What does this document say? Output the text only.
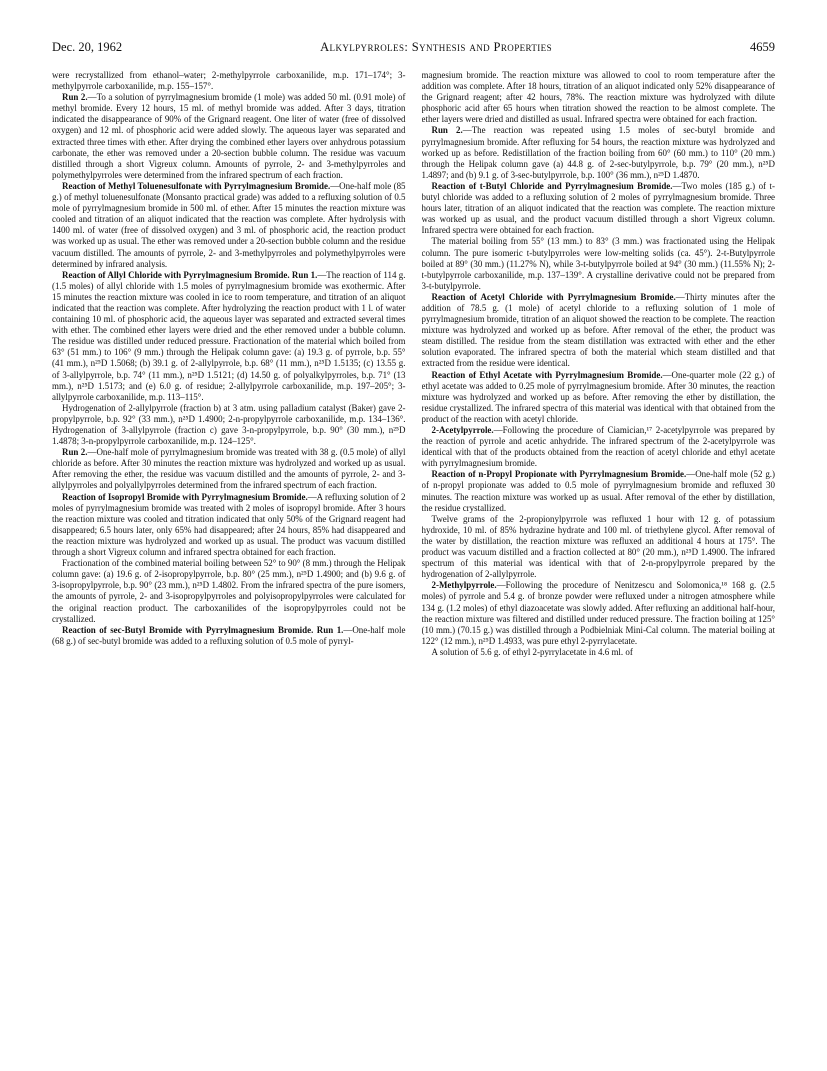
Dec. 20, 1962	Alkylpyrroles: Synthesis and Properties	4659

were recrystallized from ethanol–water; 2-methylpyrrole carboxanilide, m.p. 171–174°; 3-methylpyrrole carboxanilide, m.p. 155–157°.

Run 2.—To a solution of pyrrylmagnesium bromide (1 mole) was added 50 ml. (0.91 mole) of methyl bromide. Every 12 hours, 15 ml. of methyl bromide was added. After 3 days, titration indicated the disappearance of 90% of the Grignard reagent. One liter of water (free of dissolved oxygen) and 12 ml. of phosphoric acid were added slowly. The aqueous layer was separated and extracted three times with ether. After drying the combined ether layers over anhydrous potassium carbonate, the ether was removed under a 20-section bubble column. The residue was vacuum distilled through a short Vigreux column. Amounts of pyrrole, 2- and 3-methylpyrroles and polymethylpyrroles were determined from the infrared spectrum of each fraction.

Reaction of Methyl Toluenesulfonate with Pyrrylmagnesium Bromide.—One-half mole (85 g.) of methyl toluenesulfonate (Monsanto practical grade) was added to a refluxing solution of 0.5 mole of pyrrylmagnesium bromide in 500 ml. of ether. After 15 minutes the reaction mixture was cooled and titration of an aliquot indicated that the reaction was complete. After hydrolysis with 1400 ml. of water (free of dissolved oxygen) and 3 ml. of phosphoric acid, the reaction product was worked up as usual. The ether was removed under a 20-section bubble column and the residue vacuum distilled. The amounts of pyrrole, 2- and 3-methylpyrroles and polymethylpyrroles were determined by infrared analysis.

Reaction of Allyl Chloride with Pyrrylmagnesium Bromide. Run 1.—The reaction of 114 g. (1.5 moles) of allyl chloride with 1.5 moles of pyrrylmagnesium bromide was exothermic. After 15 minutes the reaction mixture was cooled in ice to room temperature, and titration of an aliquot indicated that the reaction was complete. After hydrolyzing the reaction product with 1 l. of water containing 10 ml. of phosphoric acid, the aqueous layer was separated and extracted several times with ether. The combined ether layers were dried and the ether removed under a bubble column. The residue was distilled under reduced pressure. Fractionation of the material which boiled from 63° (51 mm.) to 106° (9 mm.) through the Helipak column gave: (a) 19.3 g. of pyrrole, b.p. 55° (41 mm.), n²⁵D 1.5068; (b) 39.1 g. of 2-allylpyrrole, b.p. 68° (11 mm.), n²⁵D 1.5135; (c) 13.55 g. of 3-allylpyrrole, b.p. 74° (11 mm.), n²⁵D 1.5121; (d) 14.50 g. of polyalkylpyrroles, b.p. 71° (13 mm.), n²⁵D 1.5173; and (e) 6.0 g. of residue; 2-allylpyrrole carboxanilide, m.p. 197–205°; 3-allylpyrrole carboxanilide, m.p. 113–115°.

Hydrogenation of 2-allylpyrrole (fraction b) at 3 atm. using palladium catalyst (Baker) gave 2-propylpyrrole, b.p. 92° (33 mm.), n²⁵D 1.4900; 2-n-propylpyrrole carboxanilide, m.p. 134–136°. Hydrogenation of 3-allylpyrrole (fraction c) gave 3-n-propylpyrrole, b.p. 90° (30 mm.), n²⁵D 1.4878; 3-n-propylpyrrole carboxanilide, m.p. 124–125°.

Run 2.—One-half mole of pyrrylmagnesium bromide was treated with 38 g. (0.5 mole) of allyl chloride as before. After 30 minutes the reaction mixture was hydrolyzed and worked up as usual. After removing the ether, the residue was vacuum distilled and the amounts of pyrrole, 2- and 3-allylpyrroles and polyallylpyrroles determined from the infrared spectrum of each fraction.

Reaction of Isopropyl Bromide with Pyrrylmagnesium Bromide.—A refluxing solution of 2 moles of pyrrylmagnesium bromide was treated with 2 moles of isopropyl bromide. After 3 hours the reaction mixture was cooled and titration indicated that only 50% of the Grignard reagent had disappeared; 6.5 hours later, only 65% had disappeared; after 24 hours, 85% had disappeared and the reaction mixture was hydrolyzed and worked up as usual. The product was vacuum distilled through a short Vigreux column and infrared spectra obtained for each fraction.

Fractionation of the combined material boiling between 52° to 90° (8 mm.) through the Helipak column gave: (a) 19.6 g. of 2-isopropylpyrrole, b.p. 80° (25 mm.), n²⁵D 1.4900; and (b) 9.6 g. of 3-isopropylpyrrole, b.p. 90° (23 mm.), n²⁵D 1.4802. From the infrared spectra of the pure isomers, the amounts of pyrrole, 2- and 3-isopropylpyrroles and polyisopropylpyrroles were calculated for the original reaction product. The carboxanilides of the isopropylpyrroles could not be crystallized.

Reaction of sec-Butyl Bromide with Pyrrylmagnesium Bromide. Run 1.—One-half mole (68 g.) of sec-butyl bromide was added to a refluxing solution of 0.5 mole of pyrryl-

magnesium bromide. The reaction mixture was allowed to cool to room temperature after the addition was complete. After 18 hours, titration of an aliquot indicated only 52% disappearance of the Grignard reagent; after 42 hours, 78%. The reaction mixture was hydrolyzed with dilute phosphoric acid after 65 hours when titration showed the reaction to be almost complete. The ether layers were dried and distilled as usual. Infrared spectra were obtained for each fraction.

Run 2.—The reaction was repeated using 1.5 moles of sec-butyl bromide and pyrrylmagnesium bromide. After refluxing for 54 hours, the reaction mixture was hydrolyzed and worked up as before. Redistillation of the fraction boiling from 60° (60 mm.) to 110° (20 mm.) through the Helipak column gave (a) 44.8 g. of 2-sec-butylpyrrole, b.p. 79° (20 mm.), n²⁵D 1.4897; and (b) 9.1 g. of 3-sec-butylpyrrole, b.p. 100° (36 mm.), n²⁵D 1.4870.

Reaction of t-Butyl Chloride and Pyrrylmagnesium Bromide.—Two moles (185 g.) of t-butyl chloride was added to a refluxing solution of 2 moles of pyrrylmagnesium bromide. Three hours later, titration of an aliquot indicated that the reaction was complete. The reaction mixture was worked up as usual, and the product vacuum distilled through a short Vigreux column. Infrared spectra were obtained for each fraction.

The material boiling from 55° (13 mm.) to 83° (3 mm.) was fractionated using the Helipak column. The pure isomeric t-butylpyrroles were low-melting solids (ca. 45°). 2-t-Butylpyrrole boiled at 89° (30 mm.) (11.27% N), while 3-t-butylpyrrole boiled at 94° (30 mm.) (11.55% N); 2-t-butylpyrrole carboxanilide, m.p. 137–139°. A crystalline derivative could not be prepared from 3-t-butylpyrrole.

Reaction of Acetyl Chloride with Pyrrylmagnesium Bromide.—Thirty minutes after the addition of 78.5 g. (1 mole) of acetyl chloride to a refluxing solution of 1 mole of pyrrylmagnesium bromide, titration of an aliquot showed the reaction to be complete. The reaction mixture was hydrolyzed and worked up as before. After removal of the ether, the product was steam distilled. The residue from the steam distillation was extracted with ether and the ether solution evaporated. The infrared spectra of both the material which steam distilled and that extracted from the residue were identical.

Reaction of Ethyl Acetate with Pyrrylmagnesium Bromide.—One-quarter mole (22 g.) of ethyl acetate was added to 0.25 mole of pyrrylmagnesium bromide. After 30 minutes, the reaction mixture was hydrolyzed and worked up as before. After removing the ether by distillation, the residue crystallized. The infrared spectra of this material was identical with that obtained from the product of the reaction with acetyl chloride.

2-Acetylpyrrole.—Following the procedure of Ciamician,¹⁷ 2-acetylpyrrole was prepared by the reaction of pyrrole and acetic anhydride. The infrared spectrum of the 2-acetylpyrrole was identical with that of the products obtained from the reaction of acetyl chloride and ethyl acetate with pyrrylmagnesium bromide.

Reaction of n-Propyl Propionate with Pyrrylmagnesium Bromide.—One-half mole (52 g.) of n-propyl propionate was added to 0.5 mole of pyrrylmagnesium bromide and refluxed 30 minutes. The reaction mixture was worked up as usual. After removal of the ether by distillation, the residue crystallized.

Twelve grams of the 2-propionylpyrrole was refluxed 1 hour with 12 g. of potassium hydroxide, 10 ml. of 85% hydrazine hydrate and 100 ml. of triethylene glycol. After removal of the water by distillation, the reaction mixture was refluxed an additional 4 hours at 175°. The product was vacuum distilled and a fraction collected at 80° (20 mm.), n²⁵D 1.4900. The infrared spectrum of this material was identical with that of 2-n-propylpyrrole prepared by the hydrogenation of 2-allylpyrrole.

2-Methylpyrrole.—Following the procedure of Nenitzescu and Solomonica,¹⁸ 168 g. (2.5 moles) of pyrrole and 5.4 g. of bronze powder were refluxed under a nitrogen atmosphere while 134 g. (1.2 moles) of ethyl diazoacetate was slowly added. After refluxing an additional half-hour, the reaction mixture was filtered and distilled under reduced pressure. The fraction boiling at 125° (10 mm.) (70.15 g.) was distilled through a Podbielniak Mini-Cal column. The material boiling at 122° (12 mm.), n²⁵D 1.4933, was pure ethyl 2-pyrrylacetate.

A solution of 5.6 g. of ethyl 2-pyrrylacetate in 4.6 ml. of
